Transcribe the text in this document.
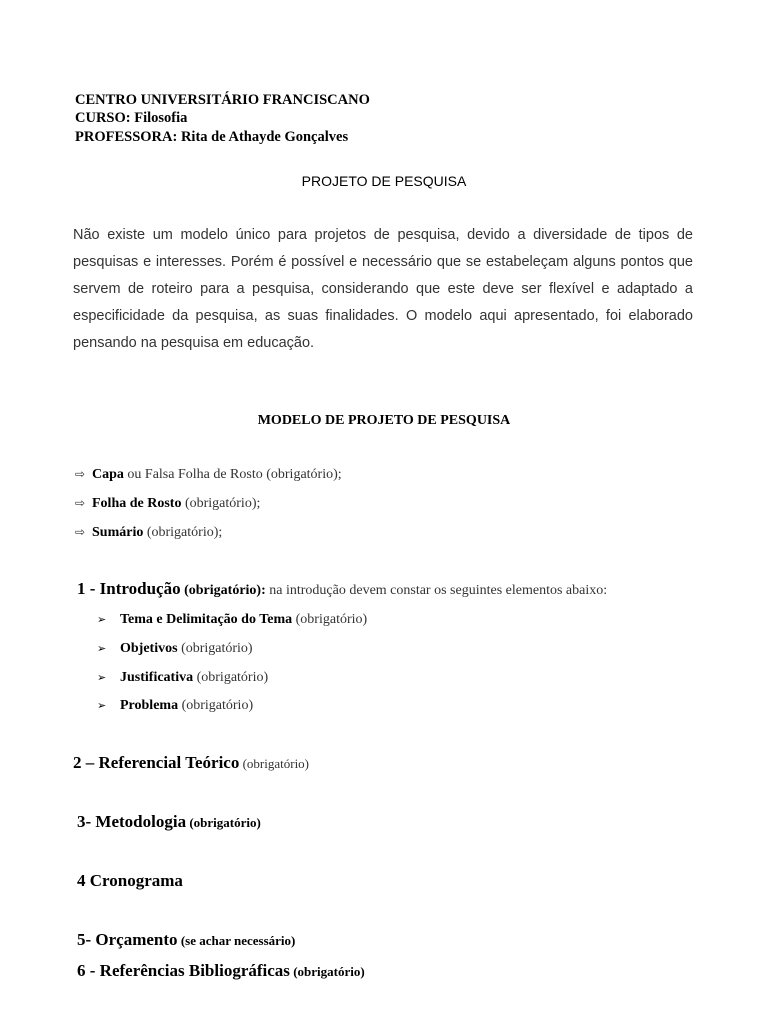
CENTRO UNIVERSITÁRIO FRANCISCANO
CURSO: Filosofia
PROFESSORA: Rita de Athayde Gonçalves
PROJETO DE PESQUISA
Não existe um modelo único para projetos de pesquisa, devido a diversidade de tipos de pesquisas e interesses. Porém é possível e necessário que se estabeleçam alguns pontos que servem de roteiro para a pesquisa, considerando que este deve ser flexível e adaptado a especificidade da pesquisa, as suas finalidades. O modelo aqui apresentado, foi elaborado pensando na pesquisa em educação.
MODELO DE PROJETO DE PESQUISA
⇨ Capa ou Falsa Folha de Rosto (obrigatório);
⇨ Folha de Rosto (obrigatório);
⇨ Sumário (obrigatório);
1 - Introdução (obrigatório): na introdução devem constar os seguintes elementos abaixo:
➢ Tema e Delimitação do Tema (obrigatório)
➢ Objetivos (obrigatório)
➢ Justificativa (obrigatório)
➢ Problema (obrigatório)
2 – Referencial Teórico (obrigatório)
3- Metodologia (obrigatório)
4 Cronograma
5- Orçamento (se achar necessário)
6 - Referências Bibliográficas (obrigatório)
